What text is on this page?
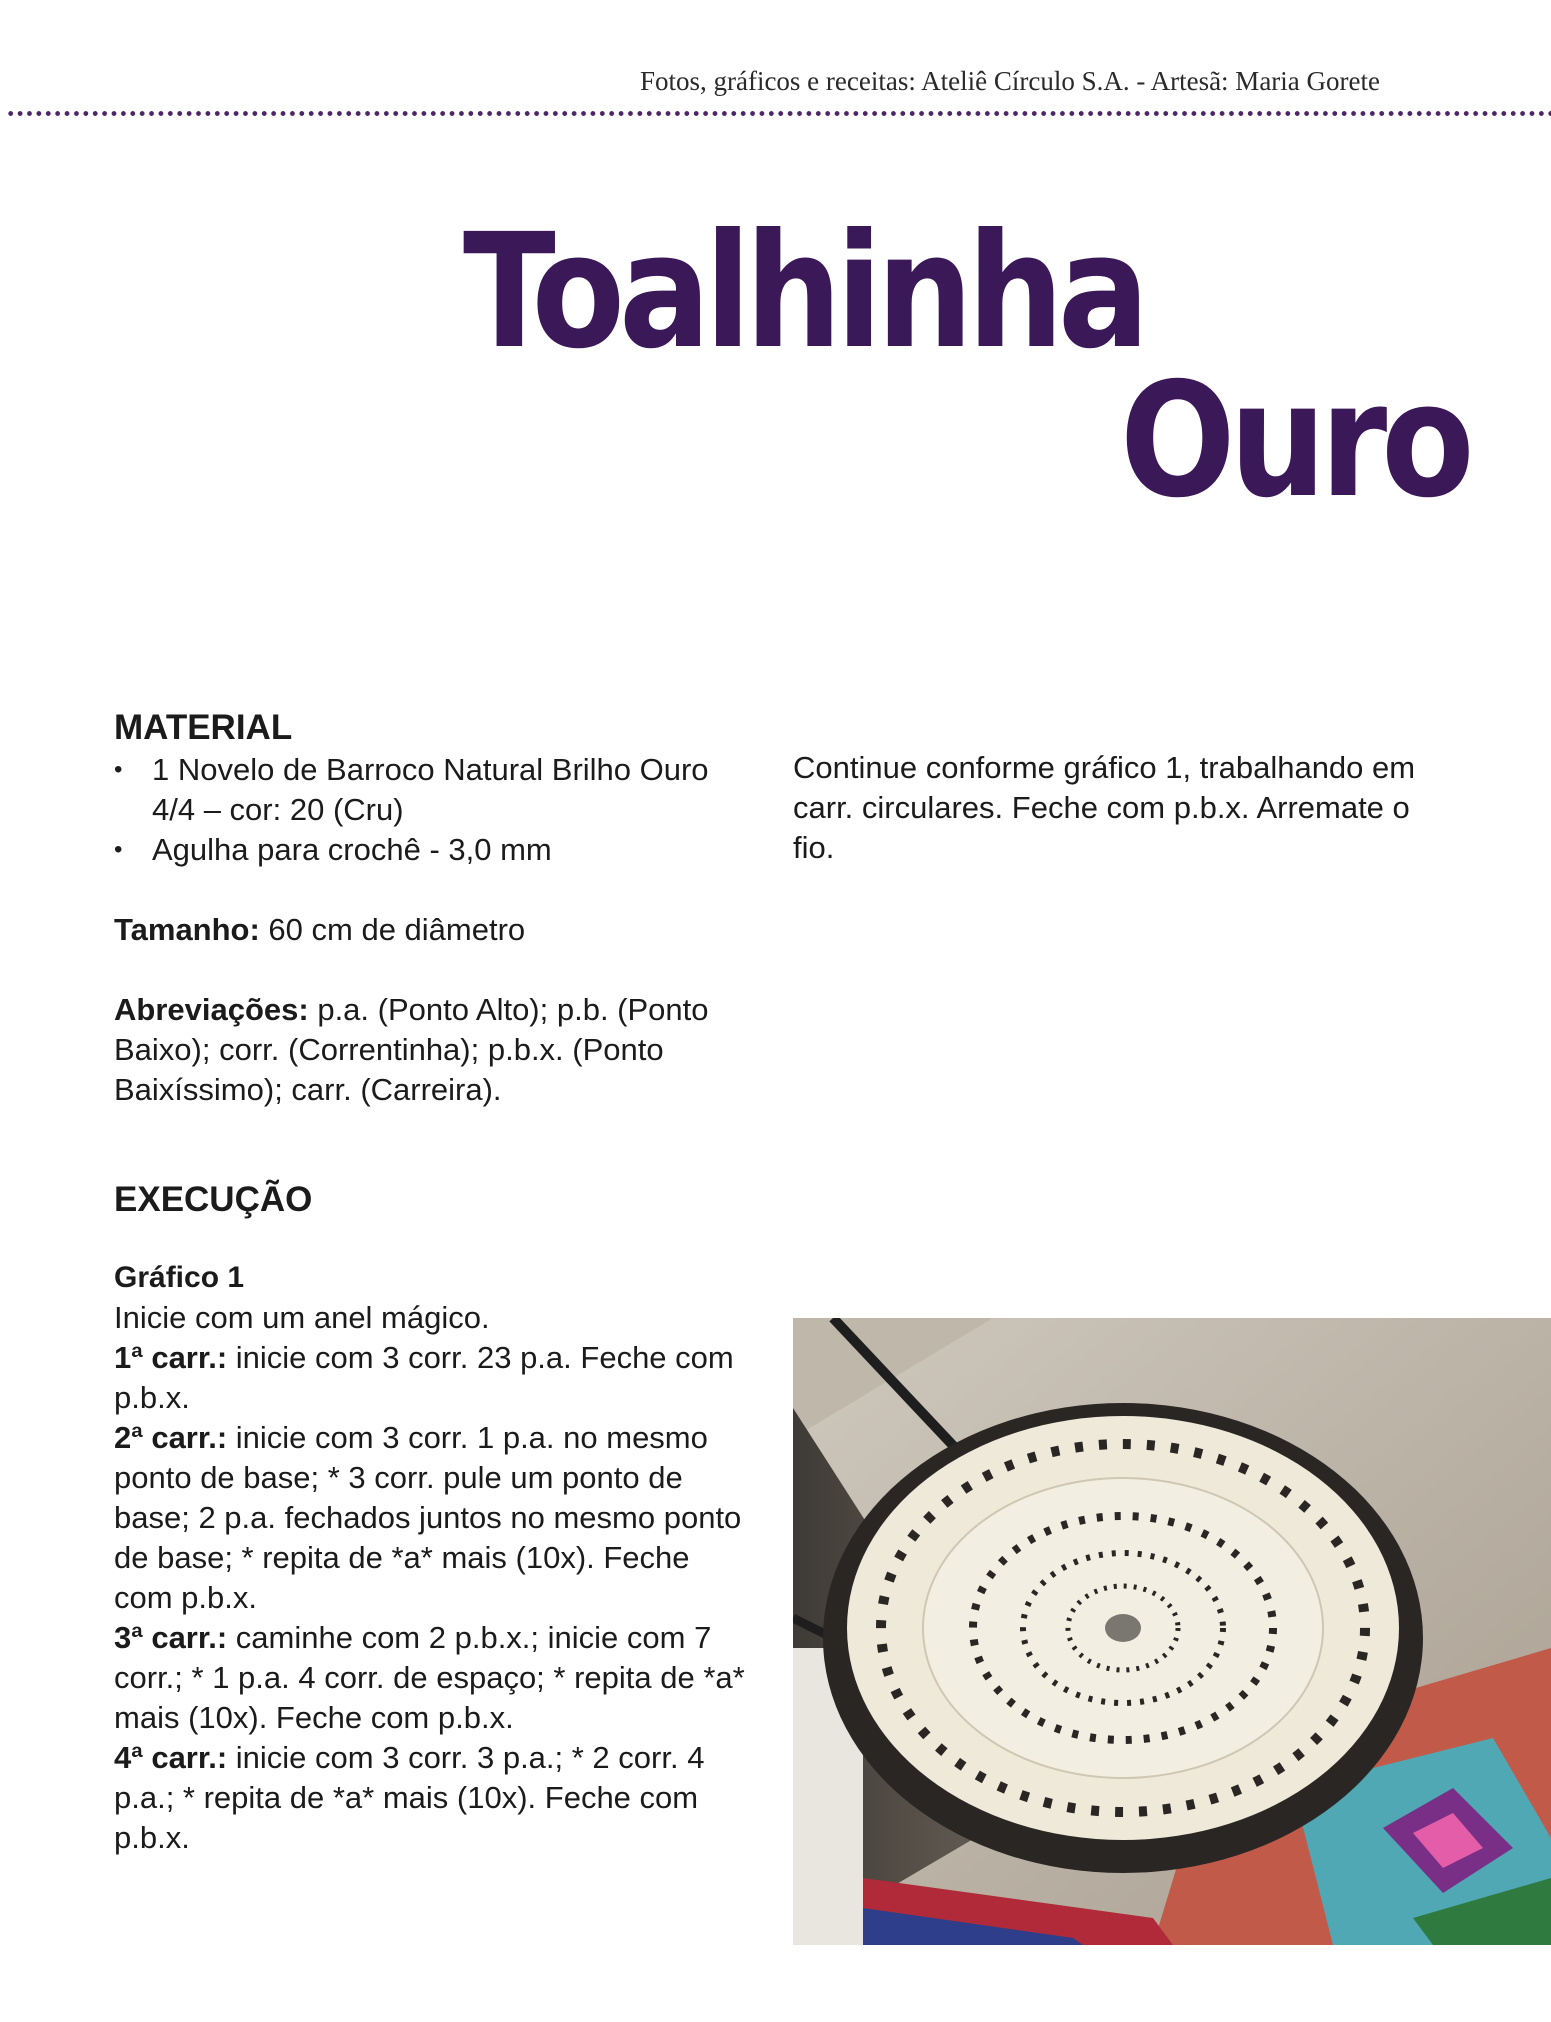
Fotos, gráficos e receitas: Ateliê Círculo S.A. - Artesã: Maria Gorete
Toalhinha
Ouro
MATERIAL
• 1 Novelo de Barroco Natural Brilho Ouro 4/4 – cor: 20 (Cru)
• Agulha para crochê - 3,0 mm

Tamanho: 60 cm de diâmetro

Abreviações: p.a. (Ponto Alto); p.b. (Ponto Baixo); corr. (Correntinha); p.b.x. (Ponto Baixíssimo); carr. (Carreira).

EXECUÇÃO
Gráfico 1

Inicie com um anel mágico.

1ª carr.: inicie com 3 corr. 23 p.a. Feche com p.b.x.

2ª carr.: inicie com 3 corr. 1 p.a. no mesmo ponto de base; * 3 corr. pule um ponto de base; 2 p.a. fechados juntos no mesmo ponto de base; * repita de *a* mais (10x). Feche com p.b.x.

3ª carr.: caminhe com 2 p.b.x.; inicie com 7 corr.; * 1 p.a. 4 corr. de espaço; * repita de *a* mais (10x). Feche com p.b.x.

4ª carr.: inicie com 3 corr. 3 p.a.; * 2 corr. 4 p.a.; * repita de *a* mais (10x). Feche com p.b.x.

Continue conforme gráfico 1, trabalhando em carr. circulares. Feche com p.b.x. Arremate o fio.
